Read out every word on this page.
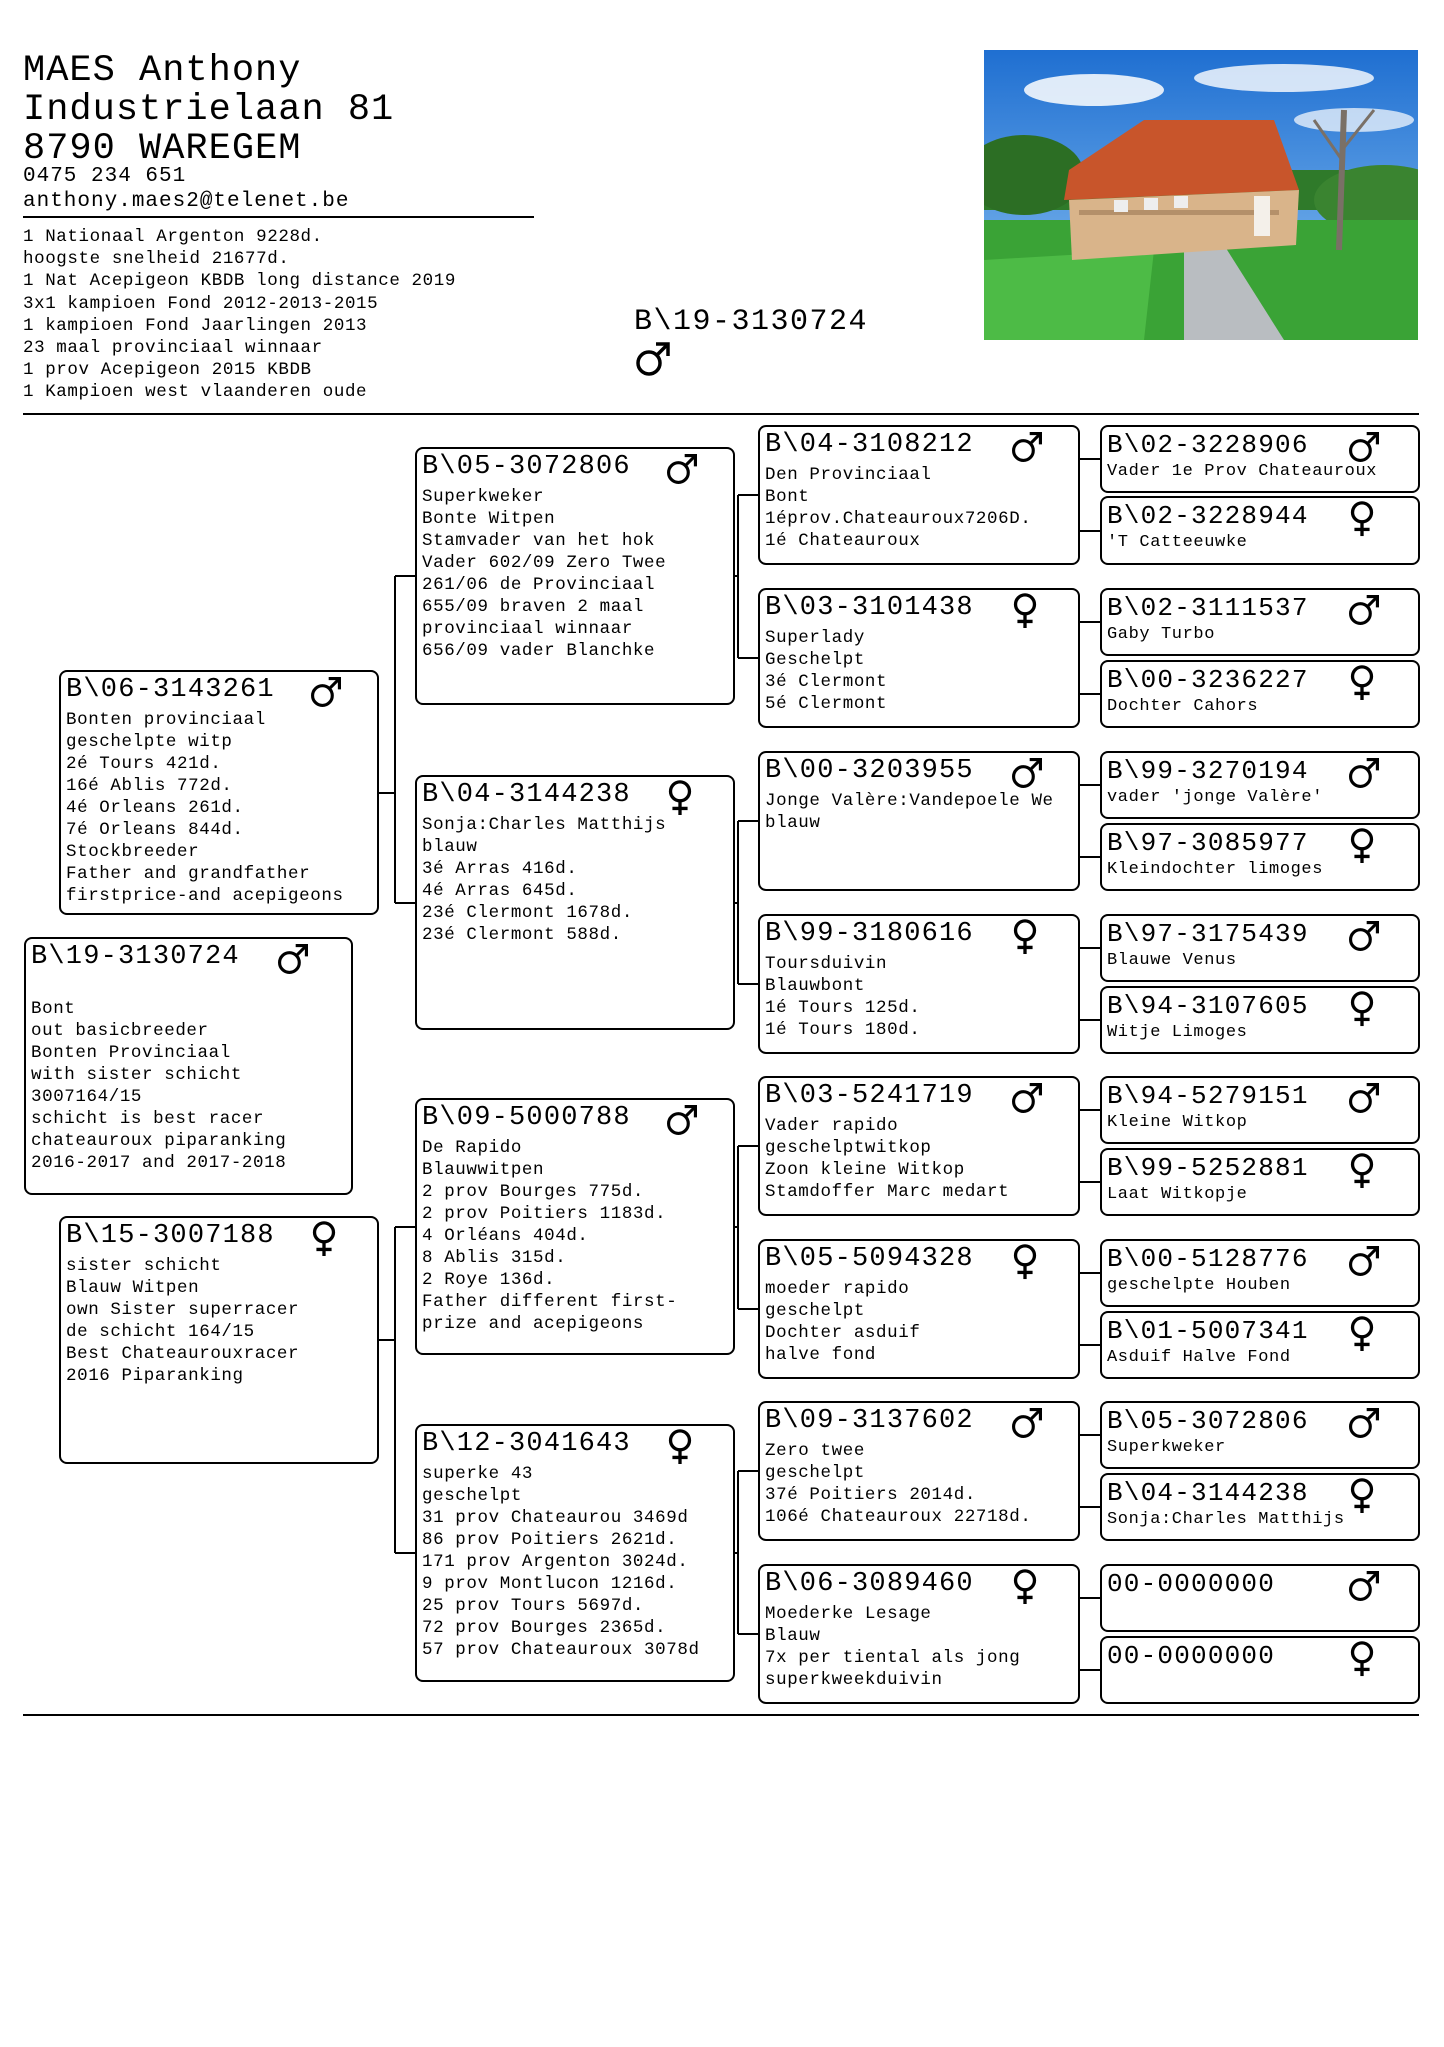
MAES Anthony
Industrielaan 81
8790 WAREGEM
0475 234 651
anthony.maes2@telenet.be
1 Nationaal Argenton 9228d.
hoogste snelheid 21677d.
1 Nat Acepigeon KBDB long distance 2019
3x1 kampioen Fond 2012-2013-2015
1 kampioen Fond Jaarlingen 2013
23 maal provinciaal winnaar
1 prov Acepigeon 2015 KBDB
1 Kampioen west vlaanderen oude
B\19-3130724
B\19-3130724

Bont
out basicbreeder
Bonten Provinciaal
with sister schicht
3007164/15
schicht is best racer
chateauroux piparanking
2016-2017 and 2017-2018
B\06-3143261
Bonten provinciaal
geschelpte witp
2é Tours 421d.
16é Ablis 772d.
4é Orleans 261d.
7é Orleans 844d.
Stockbreeder
Father and grandfather
firstprice-and acepigeons
B\15-3007188
sister schicht
Blauw Witpen
own Sister superracer
de schicht 164/15
Best Chateaurouxracer
2016 Piparanking
B\05-3072806
Superkweker
Bonte Witpen
Stamvader van het hok
Vader 602/09 Zero Twee
261/06 de Provinciaal
655/09 braven 2 maal
provinciaal winnaar
656/09 vader Blanchke
B\04-3144238
Sonja:Charles Matthijs
blauw
3é Arras 416d.
4é Arras 645d.
23é Clermont 1678d.
23é Clermont 588d.
B\09-5000788
De Rapido
Blauwwitpen
2 prov Bourges 775d.
2 prov Poitiers 1183d.
4 Orléans 404d.
8 Ablis 315d.
2 Roye 136d.
Father different first-
prize and acepigeons
B\12-3041643
superke 43
geschelpt
31 prov Chateaurou 3469d
86 prov Poitiers 2621d.
171 prov Argenton 3024d.
9 prov Montlucon 1216d.
25 prov Tours 5697d.
72 prov Bourges 2365d.
57 prov Chateauroux 3078d
B\04-3108212
Den Provinciaal
Bont
1éprov.Chateauroux7206D.
1é Chateauroux
B\03-3101438
Superlady
Geschelpt
3é Clermont
5é Clermont
B\00-3203955
Jonge Valère:Vandepoele We
blauw
B\99-3180616
Toursduivin
Blauwbont
1é Tours 125d.
1é Tours 180d.
B\03-5241719
Vader rapido
geschelptwitkop
Zoon kleine Witkop
Stamdoffer Marc medart
B\05-5094328
moeder rapido
geschelpt
Dochter asduif
halve fond
B\09-3137602
Zero twee
geschelpt
37é Poitiers 2014d.
106é Chateauroux 22718d.
B\06-3089460
Moederke Lesage
Blauw
7x per tiental als jong
superkweekduivin
B\02-3228906
Vader 1e Prov Chateauroux
B\02-3228944
'T Catteeuwke
B\02-3111537
Gaby Turbo
B\00-3236227
Dochter Cahors
B\99-3270194
vader 'jonge Valère'
B\97-3085977
Kleindochter limoges
B\97-3175439
Blauwe Venus
B\94-3107605
Witje Limoges
B\94-5279151
Kleine Witkop
B\99-5252881
Laat Witkopje
B\00-5128776
geschelpte Houben
B\01-5007341
Asduif Halve Fond
B\05-3072806
Superkweker
B\04-3144238
Sonja:Charles Matthijs
00-0000000
00-0000000
